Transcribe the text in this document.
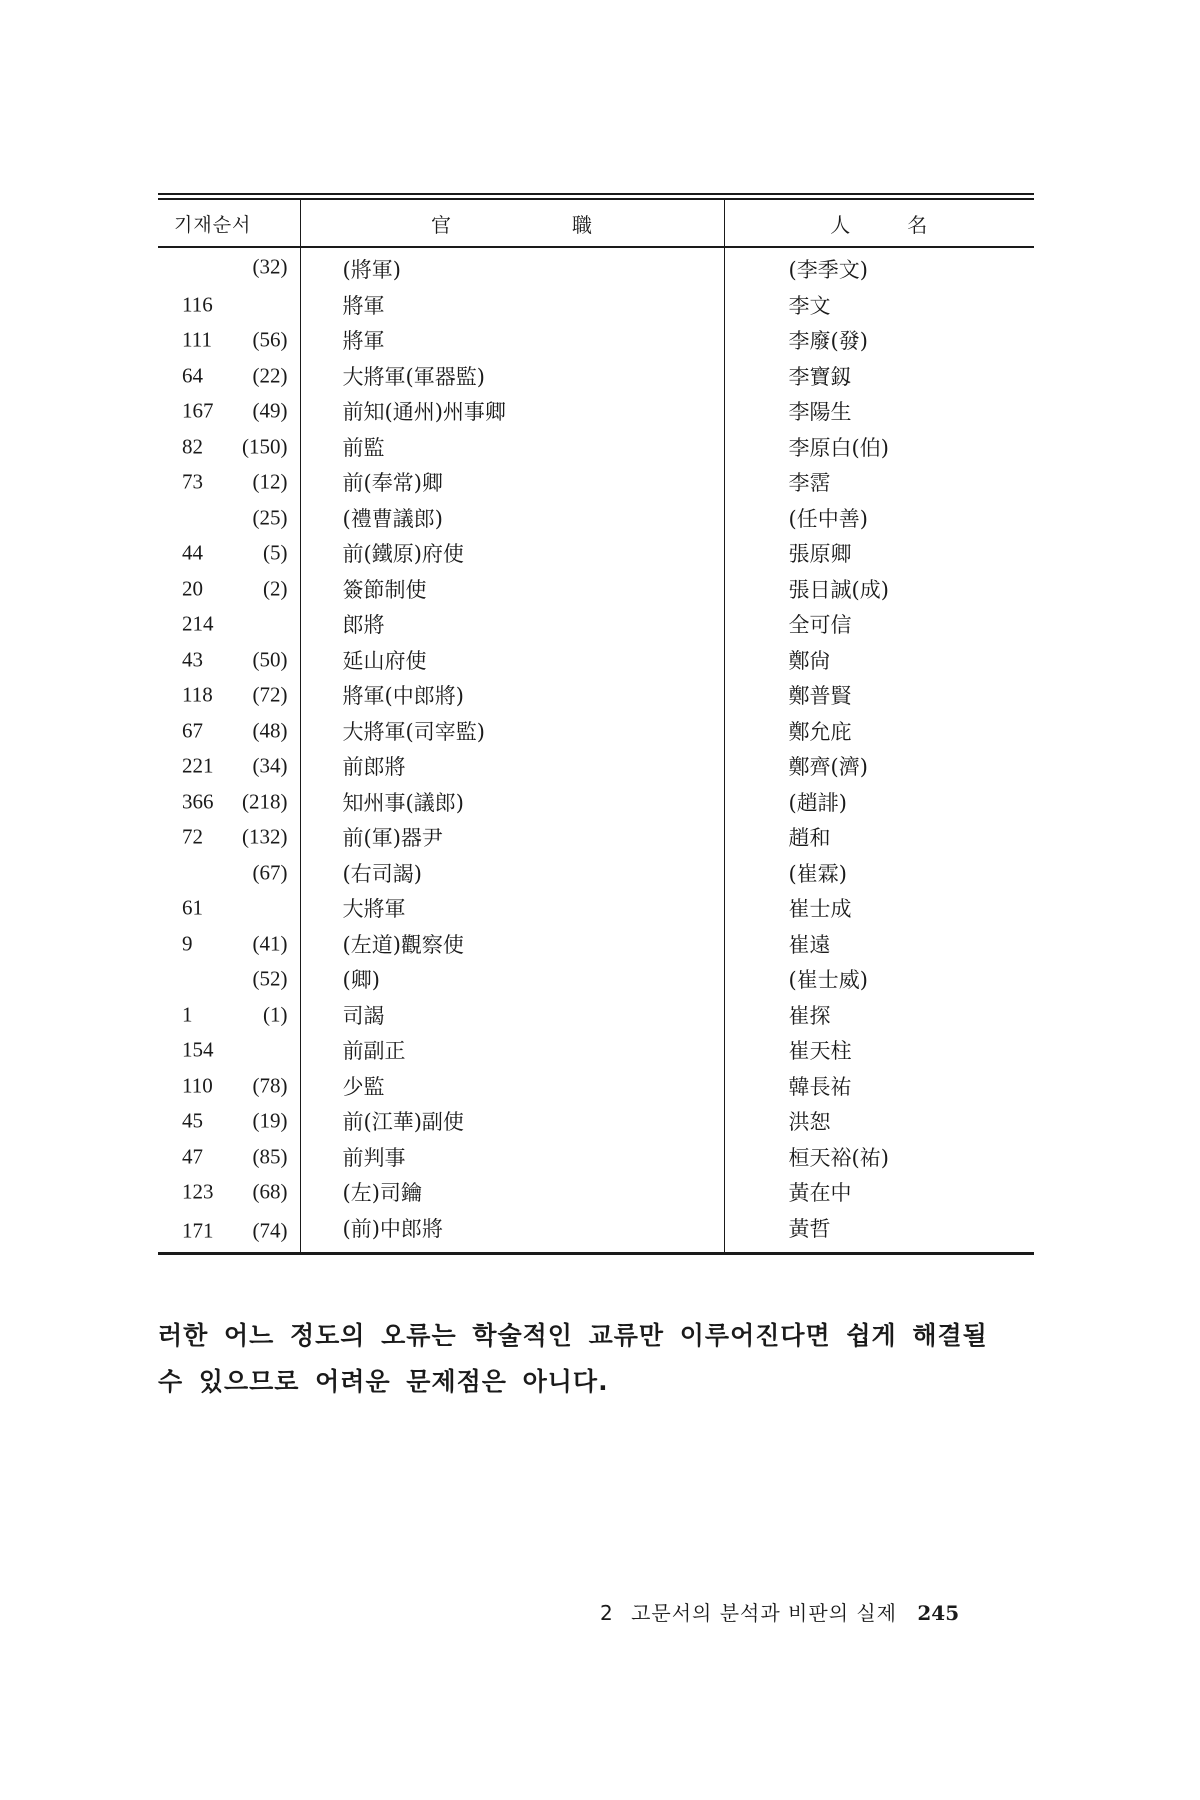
기재순서	官 職	人 名

(32)	(將軍)	(李季文)

116	將軍	李文

111 (56)	將軍	李廢(發)

64 (22)	大將軍(軍器監)	李寶釼

167 (49)	前知(通州)州事卿	李陽生

82 (150)	前監	李原白(伯)

73 (12)	前(奉常)卿	李霑

(25)	(禮曹議郎)	(任中善)

44 (5)	前(鐵原)府使	張原卿

20 (2)	簽節制使	張日誠(成)

214	郎將	全可信

43 (50)	延山府使	鄭尙

118 (72)	將軍(中郎將)	鄭普賢

67 (48)	大將軍(司宰監)	鄭允庇

221 (34)	前郎將	鄭齊(濟)

366 (218)	知州事(議郎)	(趙誹)

72 (132)	前(軍)器尹	趙和

(67)	(右司謁)	(崔霖)

61	大將軍	崔士成

9 (41)	(左道)觀察使	崔遠

(52)	(卿)	(崔士威)

1 (1)	司謁	崔探

154	前副正	崔天柱

110 (78)	少監	韓長祐

45 (19)	前(江華)副使	洪恕

47 (85)	前判事	桓天裕(祐)

123 (68)	(左)司鑰	黃在中

171 (74)	(前)中郎將	黃哲

러한 어느 정도의 오류는 학술적인 교류만 이루어진다면 쉽게 해결될

수 있으므로 어려운 문제점은 아니다.

2 고문서의 분석과 비판의 실제 245
